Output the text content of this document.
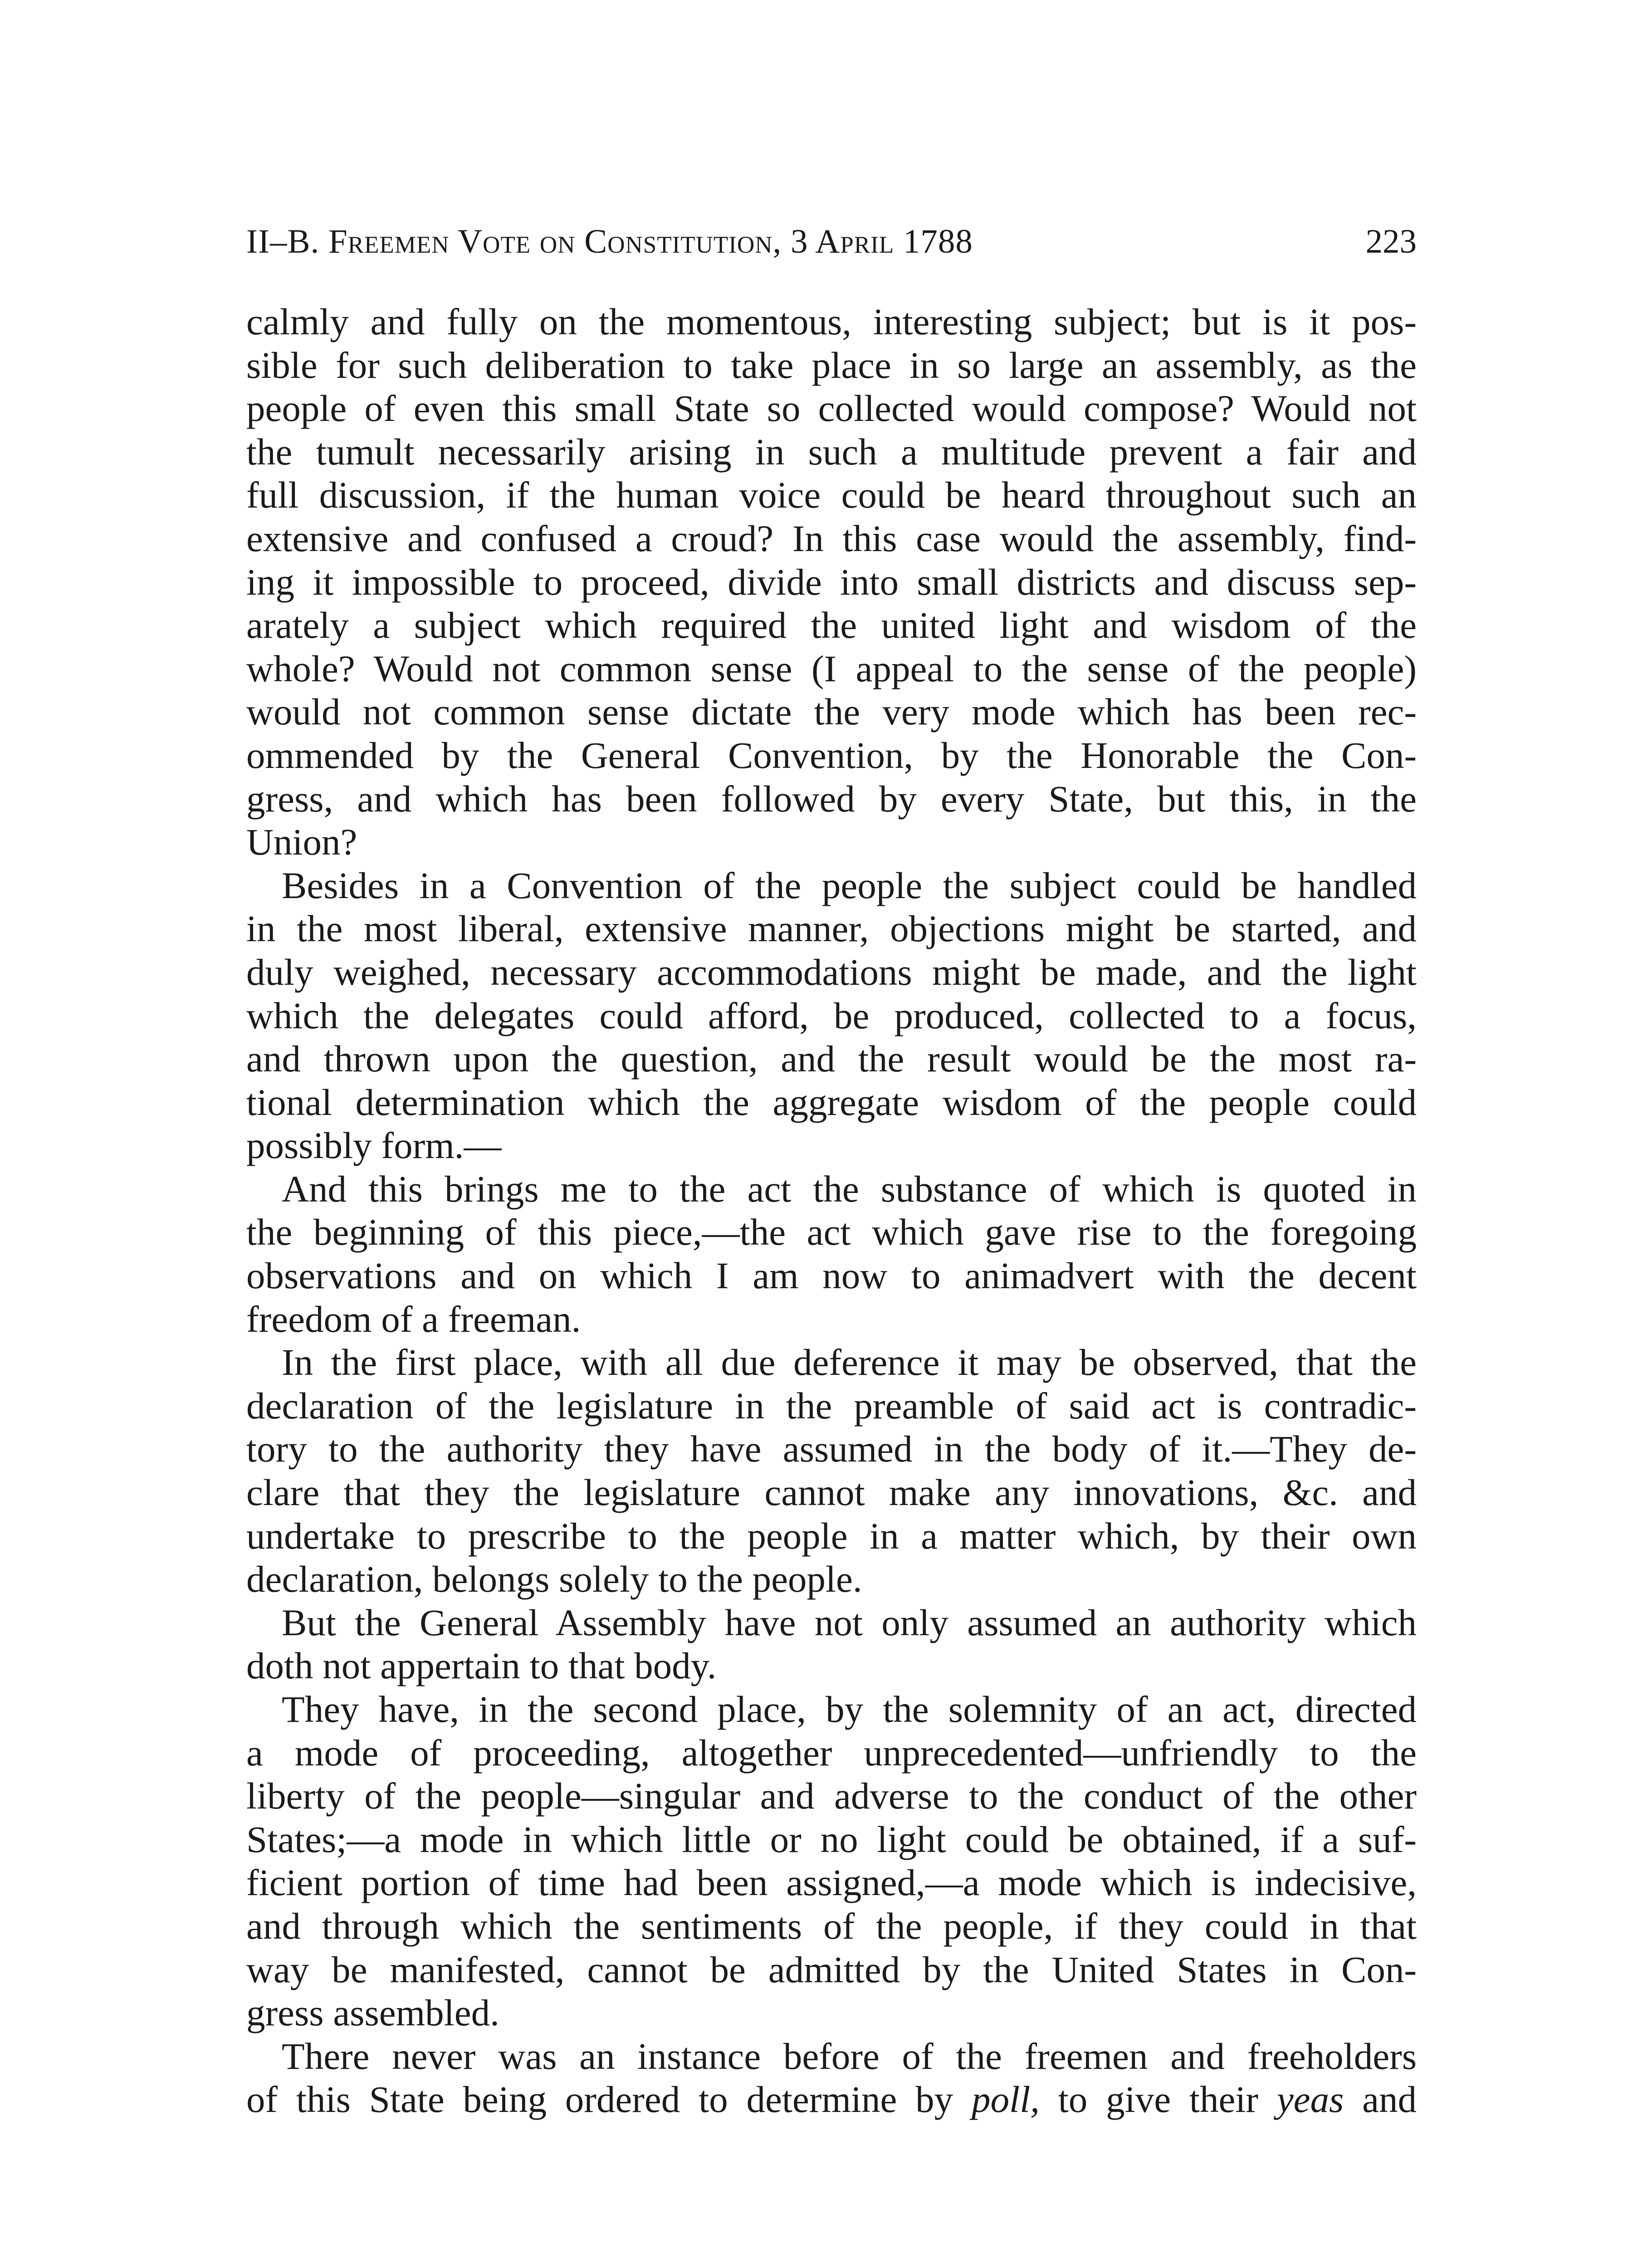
II–B. Freemen Vote on Constitution, 3 April 1788	223
calmly and fully on the momentous, interesting subject; but is it pos-
sible for such deliberation to take place in so large an assembly, as the
people of even this small State so collected would compose? Would not
the tumult necessarily arising in such a multitude prevent a fair and
full discussion, if the human voice could be heard throughout such an
extensive and confused a croud? In this case would the assembly, find-
ing it impossible to proceed, divide into small districts and discuss sep-
arately a subject which required the united light and wisdom of the
whole? Would not common sense (I appeal to the sense of the people)
would not common sense dictate the very mode which has been rec-
ommended by the General Convention, by the Honorable the Con-
gress, and which has been followed by every State, but this, in the
Union?
Besides in a Convention of the people the subject could be handled
in the most liberal, extensive manner, objections might be started, and
duly weighed, necessary accommodations might be made, and the light
which the delegates could afford, be produced, collected to a focus,
and thrown upon the question, and the result would be the most ra-
tional determination which the aggregate wisdom of the people could
possibly form.—
And this brings me to the act the substance of which is quoted in
the beginning of this piece,—the act which gave rise to the foregoing
observations and on which I am now to animadvert with the decent
freedom of a freeman.
In the first place, with all due deference it may be observed, that the
declaration of the legislature in the preamble of said act is contradic-
tory to the authority they have assumed in the body of it.—They de-
clare that they the legislature cannot make any innovations, &c. and
undertake to prescribe to the people in a matter which, by their own
declaration, belongs solely to the people.
But the General Assembly have not only assumed an authority which
doth not appertain to that body.
They have, in the second place, by the solemnity of an act, directed
a mode of proceeding, altogether unprecedented—unfriendly to the
liberty of the people—singular and adverse to the conduct of the other
States;—a mode in which little or no light could be obtained, if a suf-
ficient portion of time had been assigned,—a mode which is indecisive,
and through which the sentiments of the people, if they could in that
way be manifested, cannot be admitted by the United States in Con-
gress assembled.
There never was an instance before of the freemen and freeholders
of this State being ordered to determine by poll, to give their yeas and
